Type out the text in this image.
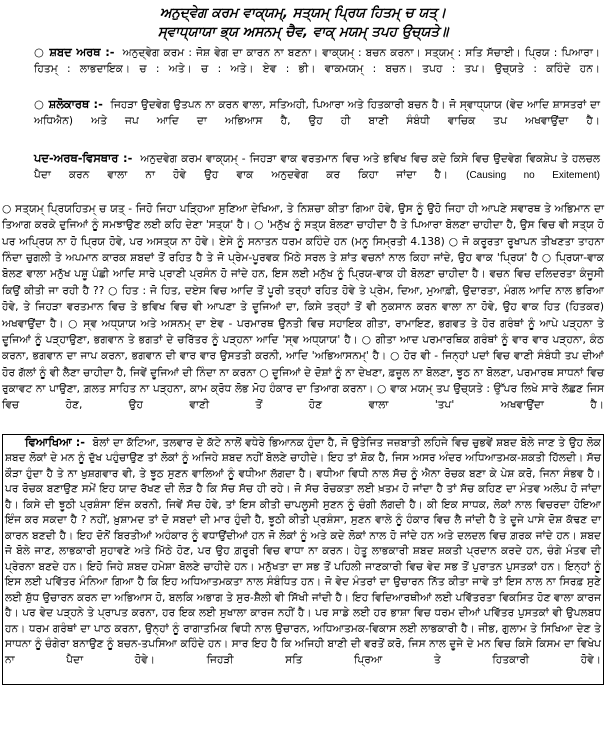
ਅਨੁਦ੍ਵੇਗ ਕਰਮ ਵਾਕ੍ਯਮ੍, ਸਤ੍ਯਮ੍ ਪ੍ਰਿਯ ਹਿਤਮ੍ ਚ ਯਤ੍।

ਸ੍ਵਾਧ੍ਯਾਯਾ ਭ੍ਯ ਅਸਨਮ੍ ਚੈਵ, ਵਾਕ੍ ਮਯਮ੍ ਤਪਹ ਉਚ੍ਯਤੇ॥

○ ਸ਼ਬਦ ਅਰਥ :- ਅਨੁਦ੍ਵੇਗ ਕਰਮ : ਜੋਸ਼ ਵੇਗ ਦਾ ਕਾਰਨ ਨਾ ਬਣਨਾ। ਵਾਕ੍ਯਮ੍ : ਬਚਨ ਕਰਨਾ। ਸਤ੍ਯਮ੍ : ਸਤਿ ਸੱਚਾਈ। ਪ੍ਰਿਯ : ਪਿਆਰਾ। ਹਿਤਮ੍ : ਲਾਭਦਾਇਕ। ਚ : ਅਤੇ। ਚ : ਅਤੇ। ਏਵ : ਭੀ। ਵਾਕਮਯਮ੍ : ਬਚਨ। ਤਪਹ : ਤਪ। ਉਚ੍ਯਤੇ : ਕਹਿੰਦੇ ਹਨ।

○ ਸ਼ਲੋਕਾਰਥ :- ਜਿਹੜਾ ਉਦਵੇਗ ਉਤਪਨ ਨਾ ਕਰਨ ਵਾਲਾ, ਸਤਿਅਹੀ, ਪਿਆਰਾ ਅਤੇ ਹਿਤਕਾਰੀ ਬਚਨ ਹੈ। ਜੋ ਸ੍ਵਾਧ੍ਯਾਯ (ਵੇਦ ਆਦਿ ਸ਼ਾਸਤਰਾਂ ਦਾ ਅਧਿਐਨ) ਅਤੇ ਜਪ ਆਦਿ ਦਾ ਅਭਿਆਸ ਹੈ, ਉਹ ਹੀ ਬਾਣੀ ਸੰਬੰਧੀ ਵਾਚਿਕ ਤਪ ਅਖਵਾਉਂਦਾ ਹੈ।

ਪਦ-ਅਰਥ-ਵਿਸਥਾਰ :- ਅਨੁਦਵੇਗ ਕਰਮ ਵਾਕ੍ਯਮ੍ - ਜਿਹੜਾ ਵਾਕ ਵਰਤਮਾਨ ਵਿਚ ਅਤੇ ਭਵਿਖ ਵਿਚ ਕਦੇ ਕਿਸੇ ਵਿਚ ਉਦਵੇਗ ਵਿਕਸ਼ੇਪ ਤੇ ਹਲਚਲ ਪੈਦਾ ਕਰਨ ਵਾਲਾ ਨਾ ਹੋਵੇ ਉਹ ਵਾਕ ਅਨੁਦਵੇਗ ਕਰ ਕਿਹਾ ਜਾਂਦਾ ਹੈ। (Causing no Exitement)

○ ਸਤ੍ਯਮ੍ ਪ੍ਰਿਯਹਿਤਮ੍ ਚ ਯਤ੍ - ਜਿਹੋ ਜਿਹਾ ਪੜ੍ਹਿਆ ਸੁਣਿਆ ਦੇਖਿਆ, ਤੇ ਨਿਸ਼ਚਾ ਕੀਤਾ ਗਿਆ ਹੋਵੇ, ਉਸ ਨੂੰ ਉਹੋ ਜਿਹਾ ਹੀ ਆਪਣੇ ਸਵਾਰਥ ਤੇ ਅਭਿਮਾਨ ਦਾ ਤਿਆਗ ਕਰਕੇ ਦੁਜਿਆਂ ਨੂੰ ਸਮਝਾਉਣ ਲਈ ਕਹਿ ਦੇਣਾ 'ਸਤ੍ਯ' ਹੈ। ○ 'ਮਨੁੱਖ ਨੂੰ ਸਤ੍ਯ ਬੋਲਣਾ ਚਾਹੀਦਾ ਹੈ ਤੇ ਪਿਆਰਾ ਬੋਲਣਾ ਚਾਹੀਦਾ ਹੈ, ਉਸ ਵਿਚ ਵੀ ਸਤ੍ਯ ਹੋ ਪਰ ਅਪ੍ਰਿਯ ਨਾ ਹੋ ਪ੍ਰਿਯ ਹੋਵੇ, ਪਰ ਅਸਤ੍ਯ ਨਾ ਹੋਵੇ। ਏਸੇ ਨੂੰ ਸਨਾਤਨ ਧਰਮ ਕਹਿੰਦੇ ਹਨ (ਮਨੂ ਸਿਮ੍ਰਤੀ 4.138) ○ ਜੋ ਕਰੂਰਤਾ ਰੂਖਾਪਨ ਤੀਖਣਤਾ ਤਾਹਨਾ ਨਿੰਦਾ ਚੁਗਲੀ ਤੇ ਅਪਮਾਨ ਕਾਰਕ ਸ਼ਬਦਾਂ ਤੋਂ ਰਹਿਤ ਹੈ ਤੇ ਜੋ ਪ੍ਰੇਮ-ਪੂਰਵਕ ਮਿੱਠੇ ਸਰਲ ਤੇ ਸ਼ਾਂਤ ਵਚਨਾਂ ਨਾਲ ਕਿਹਾ ਜਾਂਦੇ, ਉਹ ਵਾਕ 'ਪ੍ਰਿਯ' ਹੈ ○ ਪ੍ਰਿਯਾ-ਵਾਕ ਬੋਲਣ ਵਾਲਾ ਮਨੁੱਖ ਪਸ਼ੂ ਪੰਛੀ ਆਦਿ ਸਾਰੇ ਪ੍ਰਾਣੀ ਪ੍ਰਸੰਨ ਹੋ ਜਾਂਦੇ ਹਨ, ਇਸ ਲਈ ਮਨੁੱਖ ਨੂੰ ਪ੍ਰਿਯ-ਵਾਕ ਹੀ ਬੋਲਣਾ ਚਾਹੀਦਾ ਹੈ। ਵਚਨ ਵਿਚ ਦਲਿਦਰਤਾ ਕੰਜੂਸੀ ਕਿਉਂ ਕੀਤੀ ਜਾ ਰਹੀ ਹੈ ?? ○ ਹਿਤ : ਜੋ ਹਿਤ, ਦਏਸ ਵਿਚ ਆਦਿ ਤੋਂ ਪੂਰੀ ਤਰ੍ਹਾਂ ਰਹਿਤ ਹੋਵੇ ਤੇ ਪ੍ਰੇਮ, ਦਿਆ, ਮੁਆਫ਼ੀ, ਉਦਾਰਤਾ, ਮੰਗਲ ਆਦਿ ਨਾਲ ਭਰਿਆ ਹੋਵੇ, ਤੇ ਜਿਹੜਾ ਵਰਤਮਾਨ ਵਿਚ ਤੇ ਭਵਿਖ ਵਿਚ ਵੀ ਆਪਣਾ ਤੇ ਦੂਜਿਆਂ ਦਾ, ਕਿਸੇ ਤਰ੍ਹਾਂ ਤੋਂ ਵੀ ਨੁਕਸਾਨ ਕਰਨ ਵਾਲਾ ਨਾ ਹੋਵੇ, ਉਹ ਵਾਕ ਹਿਤ (ਹਿਤਕਰ) ਅਖਵਾਉਂਦਾ ਹੈ। ○ ਸ੍ਵ ਅਧ੍ਯਾਯ ਅਤੇ ਅਸਨਮ੍ ਦਾ ਏਵ - ਪਰਮਾਰਥ ਉਨਤੀ ਵਿਚ ਸਹਾਇਕ ਗੀਤਾ, ਰਾਮਾਇਣ, ਭਗਵਤ ਤੇ ਹੋਰ ਗਰੰਥਾਂ ਨੂੰ ਆਪੇ ਪੜ੍ਹਨਾ ਤੇ ਦੂਜਿਆਂ ਨੂੰ ਪੜ੍ਹਾਉਣਾ, ਭਗਵਾਨ ਤੇ ਭਗਤਾਂ ਦੇ ਚਰਿੱਤਰ ਨੂੰ ਪੜ੍ਹਨਾ ਆਦਿ 'ਸ੍ਵ ਅਧ੍ਯਾਯ' ਹੈ। ○ ਗੀਤਾ ਆਦ ਪਰਮਾਰਥਿਕ ਗਰੰਥਾਂ ਨੂੰ ਵਾਰ ਵਾਰ ਪੜ੍ਹਨਾ, ਕੰਠ ਕਰਨਾ, ਭਗਵਾਨ ਦਾ ਜਾਪ ਕਰਨਾ, ਭਗਵਾਨ ਦੀ ਵਾਰ ਵਾਰ ਉਸਤਤੀ ਕਰਨੀ, ਆਦਿ 'ਅਭਿਆਸਨਮ੍' ਹੈ। ○ ਹੋਰ ਵੀ - ਜਿਨ੍ਹਾਂ ਪਦਾਂ ਵਿਚ ਵਾਣੀ ਸੰਬੰਧੀ ਤਪ ਦੀਆਂ ਹੋਰ ਗੱਲਾਂ ਨੂੰ ਵੀ ਲੈਣਾ ਚਾਹੀਦਾ ਹੈ, ਜਿਵੇਂ ਦੂਜਿਆਂ ਦੀ ਨਿੰਦਾ ਨਾ ਕਰਨਾ ○ ਦੂਜਿਆਂ ਦੇ ਦੋਸ਼ਾਂ ਨੂੰ ਨਾ ਦੇਖਣਾ, ਫ਼ਜ਼ੂਲ ਨਾ ਬੋਲਣਾ, ਝੂਠ ਨਾ ਬੋਲਣਾ, ਪਰਮਾਰਥ ਸਾਧਨਾਂ ਵਿਚ ਰੁਕਾਵਟ ਨਾ ਪਾਉਣਾ, ਗ਼ਲਤ ਸਾਹਿਤ ਨਾ ਪੜ੍ਹਨਾ, ਕਾਮ ਕ੍ਰੋਧ ਲੋਭ ਮੋਹ ਹੰਕਾਰ ਦਾ ਤਿਆਗ ਕਰਨਾ। ○ ਵਾਕ ਮਯਮ੍ ਤਪ ਉਚ੍ਯਤੇ : ਉੱਪਰ ਲਿਖੇ ਸਾਰੇ ਲੱਛਣ ਜਿਸ ਵਿਚ ਹੋਣ, ਉਹ ਵਾਣੀ ਤੋਂ ਹੋਣ ਵਾਲਾ 'ਤਪ' ਅਖਵਾਉਂਦਾ ਹੈ।

ਵਿਆਖਿਆ :- ਬੋਲਾਂ ਦਾ ਕੱਟਿਆ, ਤਲਵਾਰ ਦੇ ਕੱਟੇ ਨਾਲੋਂ ਵਧੇਰੇ ਭਿਆਨਕ ਹੁੰਦਾ ਹੈ, ਜੋ ਉਤੇਜਿਤ ਜਜ਼ਬਾਤੀ ਲਹਿਜੇ ਵਿਚ ਚੁਭਵੇਂ ਸ਼ਬਦ ਬੋਲੇ ਜਾਣ ਤੇ ਉਹ ਲੋਕ ਸ਼ਬਦ ਲੋਕਾਂ ਦੇ ਮਨ ਨੂੰ ਦੁੱਖ ਪਹੁੰਚਾਉਣ ਤਾਂ ਲੋਕਾਂ ਨੂੰ ਅਜਿਹੇ ਸ਼ਬਦ ਨਹੀਂ ਬੋਲਣੇ ਚਾਹੀਦੇ। ਇਹ ਤਾਂ ਸ਼ੋਕ ਹੈ, ਜਿਸ ਅਸਰ ਅੰਦਰ ਅਧਿਆਤਮਕ-ਸ਼ਕਤੀ ਹਿੱਲਦੀ। ਸੱਚ ਕੌੜਾ ਹੁੰਦਾ ਹੈ ਤੇ ਨਾ ਖੁਸ਼ਗਵਾਰ ਵੀ, ਤੇ ਝੂਠ ਸੁਣਨ ਵਾਲਿਆਂ ਨੂੰ ਵਧੀਆ ਲੱਗਦਾ ਹੈ। ਵਧੀਆ ਵਿਧੀ ਨਾਲ ਸੱਚ ਨੂੰ ਐਨਾ ਰੋਚਕ ਬਣਾ ਕੇ ਪੇਸ਼ ਕਰੋ, ਜਿਨਾ ਸੰਭਵ ਹੈ। ਪਰ ਰੋਚਕ ਬਣਾਉਣ ਸਮੇਂ ਇਹ ਯਾਦ ਰੱਖਣ ਦੀ ਲੋੜ ਹੈ ਕਿ ਸੱਚ ਸੱਚ ਹੀ ਰਹੇ। ਜੋ ਸੱਚ ਰੋਚਕਤਾ ਲਈ ਖ਼ਤਮ ਹੋ ਜਾਂਦਾ ਹੈ ਤਾਂ ਸੱਚ ਕਹਿਣ ਦਾ ਮੰਤਵ ਅਲੋਪ ਹੋ ਜਾਂਦਾ ਹੈ। ਕਿਸੇ ਦੀ ਝੂਠੀ ਪ੍ਰਸ਼ੰਸਾ ਇੰਜ ਕਰਨੀ, ਜਿਵੇਂ ਸੱਚ ਹੋਵੇ, ਤਾਂ ਇਸ ਕੀਤੀ ਚਾਪਲੂਸੀ ਸੁਣਨ ਨੂੰ ਚੰਗੀ ਲੱਗਦੀ ਹੈ। ਕੀ ਇਕ ਸਾਧਕ, ਲੋਕਾਂ ਨਾਲ ਵਿਚਰਦਾ ਹੋਇਆ ਇੰਜ ਕਰ ਸਕਦਾ ਹੈ ? ਨਹੀਂ, ਖ਼ੁਸ਼ਾਮਦ ਤਾਂ ਦੋ ਸਬਦਾਂ ਦੀ ਮਾਰ ਹੁੰਦੀ ਹੈ, ਝੂਠੀ ਕੀਤੀ ਪ੍ਰਸ਼ੰਸਾ, ਸੁਣਨ ਵਾਲੇ ਨੂੰ ਹੰਕਾਰ ਵਿਚ ਲੈ ਜਾਂਦੀ ਹੈ ਤੇ ਦੂਜੇ ਪਾਸੇ ਦੋਸ਼ ਕੱਢਣ ਦਾ ਕਾਰਨ ਬਣਦੀ ਹੈ। ਇਹ ਦੋਨੋਂ ਬਿਰਤੀਆਂ ਅਹੰਕਾਰ ਨੂੰ ਵਧਾਉਂਦੀਆਂ ਹਨ ਜੋ ਲੋਕਾਂ ਨੂੰ ਅਤੇ ਕਦੇ ਲੋਕਾਂ ਨਾਲ ਹੋ ਜਾਂਦੇ ਹਨ ਅਤੇ ਦਲਦਲ ਵਿਚ ਗ਼ਰਕ ਜਾਂਦੇ ਹਨ। ਸ਼ਬਦ ਜੋ ਬੋਲੇ ਜਾਣ, ਲਾਭਕਾਰੀ ਸੁਹਾਵਣੇ ਅਤੇ ਮਿੱਠੇ ਹੋਣ, ਪਰ ਉਹ ਗ਼ਰੂਰੀ ਵਿਚ ਵਾਧਾ ਨਾ ਕਰਨ। ਹੇਤੂ ਲਾਭਕਾਰੀ ਸ਼ਬਦ ਸ਼ਕਤੀ ਪ੍ਰਦਾਨ ਕਰਦੇ ਹਨ, ਚੰਗੇ ਮੰਤਵ ਦੀ ਪ੍ਰੇਰਨਾ ਬਣਦੇ ਹਨ। ਇਹੋ ਜਿਹੇ ਸ਼ਬਦ ਹਮੇਸ਼ਾ ਬੋਲਣੇ ਚਾਹੀਦੇ ਹਨ। ਮਨੁੱਖਤਾ ਦਾ ਸਭ ਤੋਂ ਪਹਿਲੀ ਜਾਣਕਾਰੀ ਵਿਚ ਵੇਦ ਸਭ ਤੋਂ ਪੁਰਾਤਨ ਪੁਸਤਕਾਂ ਹਨ। ਇਨ੍ਹਾਂ ਨੂੰ ਇਸ ਲਈ ਪਵਿੱਤਰ ਮੰਨਿਆ ਗਿਆ ਹੈ ਕਿ ਇਹ ਅਧਿਆਤਮਕਤਾ ਨਾਲ ਸੰਬੰਧਿਤ ਹਨ। ਜੋ ਵੇਦ ਮੰਤਰਾਂ ਦਾ ਉਚਾਰਨ ਨਿੱਤ ਕੀਤਾ ਜਾਵੇ ਤਾਂ ਇਸ ਨਾਲ ਨਾ ਸਿਰਫ਼ ਸੁਣੇ ਲਈ ਸ਼ੁੱਧ ਉਚਾਰਨ ਕਰਨ ਦਾ ਅਭਿਆਸ ਹੋ, ਬਲਕਿ ਅਭਾਗ ਤੇ ਸੁਰ-ਸ਼ੈਲੀ ਵੀ ਸਿੱਖੀ ਜਾਂਦੀ ਹੈ। ਇਹ ਵਿਦਿਆਰਥੀਆਂ ਲਈ ਪਵਿੱਤਰਤਾ ਵਿਕਸਿਤ ਹੋਣ ਵਾਲਾ ਕਾਰਜ ਹੈ। ਪਰ ਵੇਦ ਪੜ੍ਹਨੇ ਤੇ ਪ੍ਰਾਪਤ ਕਰਨਾ, ਹਰ ਇਕ ਲਈ ਸੁਖਾਲਾ ਕਾਰਜ ਨਹੀਂ ਹੈ। ਪਰ ਸਾਡੇ ਲਈ ਹਰ ਭਾਸ਼ਾ ਵਿਚ ਧਰਮ ਦੀਆਂ ਪਵਿੱਤਰ ਪੁਸਤਕਾਂ ਵੀ ਉਪਲਬਧ ਹਨ। ਧਰਮ ਗਰੰਥਾਂ ਦਾ ਪਾਠ ਕਰਨਾ, ਉਨ੍ਹਾਂ ਨੂੰ ਰਾਗਾਤਮਿਕ ਵਿਧੀ ਨਾਲ ਉਚਾਰਨ, ਅਧਿਆਤਮਕ-ਵਿਕਾਸ ਲਈ ਲਾਭਕਾਰੀ ਹੈ। ਜੀਭ, ਗੁਲਾਮ ਤੇ ਸਿਖਿਆ ਦੇਣ ਤੇ ਸਾਧਨਾ ਨੂੰ ਚੰਗੇਰਾ ਬਨਾਉਣ ਨੂੰ ਬਚਨ-ਤਪਸਿਆ ਕਹਿੰਦੇ ਹਨ। ਸਾਰ ਇਹ ਹੈ ਕਿ ਅਜਿਹੀ ਬਾਣੀ ਦੀ ਵਰਤੋਂ ਕਰੋ, ਜਿਸ ਨਾਲ ਦੂਜੇ ਦੇ ਮਨ ਵਿਚ ਕਿਸੇ ਕਿਸਮ ਦਾ ਵਿਖੇਪ ਨਾ ਪੈਦਾ ਹੋਵੇ। ਜਿਹੜੀ ਸਤਿ ਪ੍ਰਿਆ ਤੇ ਹਿਤਕਾਰੀ ਹੋਵੇ।
